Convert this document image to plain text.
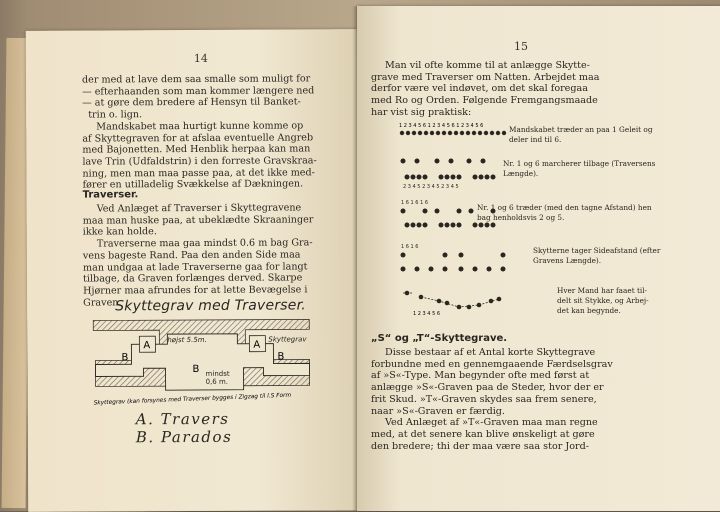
14

der med at lave dem saa smalle som muligt for

— efterhaanden som man kommer længere ned

— at gøre dem bredere af Hensyn til Banket-

trin o. lign.

Mandskabet maa hurtigt kunne komme op

af Skyttegraven for at afslaa eventuelle Angreb

med Bajonetten. Med Henblik herpaa kan man

lave Trin (Udfaldstrin) i den forreste Gravskraa-

ning, men man maa passe paa, at det ikke med-

fører en utilladelig Svækkelse af Dækningen.

Traverser.

Ved Anlæget af Traverser i Skyttegravene

maa man huske paa, at ubeklædte Skraaninger

ikke kan holde.

Traverserne maa gaa mindst 0.6 m bag Gra-

vens bageste Rand. Paa den anden Side maa

man undgaa at lade Traverserne gaa for langt

tilbage, da Graven forlænges derved. Skarpe

Hjørner maa afrundes for at lette Bevægelse i

Graven.

Skyttegrav med Traverser.
A	A
B
B
B
højst 5.5m.	Skyttegrav
mindst
0,6 m.
Skyttegrav (kan forsynes med Traverser bygges i Zigzag til l.S Form
A. Travers
B. Parados
15

Man vil ofte komme til at anlægge Skytte-

grave med Traverser om Natten. Arbejdet maa

derfor være vel indøvet, om det skal foregaa

med Ro og Orden. Følgende Fremgangsmaade

har vist sig praktisk:

1 2 3 4 5 6 1 2 3 4 5 6 1 2 3 4 5 6
2 3 4 5 2 3 4 5 2 3 4 5
1 6 1 6 1 6
1 6 1 6
1 2 3 4 5 6
Mandskabet træder an paa 1 Geleit og
deler ind til 6.
Nr. 1 og 6 marcherer tilbage (Traversens
Længde).
Nr. 1 og 6 træder (med den tagne Afstand) hen
bag henholdsvis 2 og 5.
Skytterne tager Sideafstand (efter
Gravens Længde).
Hver Mand har faaet til-
delt sit Stykke, og Arbej-
det kan begynde.
„S“ og „T“-Skyttegrave.

Disse bestaar af et Antal korte Skyttegrave

forbundne med en gennemgaaende Færdselsgrav

af »S«-Type. Man begynder ofte med først at

anlægge »S«-Graven paa de Steder, hvor der er

frit Skud. »T«-Graven skydes saa frem senere,

naar »S«-Graven er færdig.

Ved Anlæget af »T«-Graven maa man regne

med, at det senere kan blive ønskeligt at gøre

den bredere; thi der maa være saa stor Jord-
